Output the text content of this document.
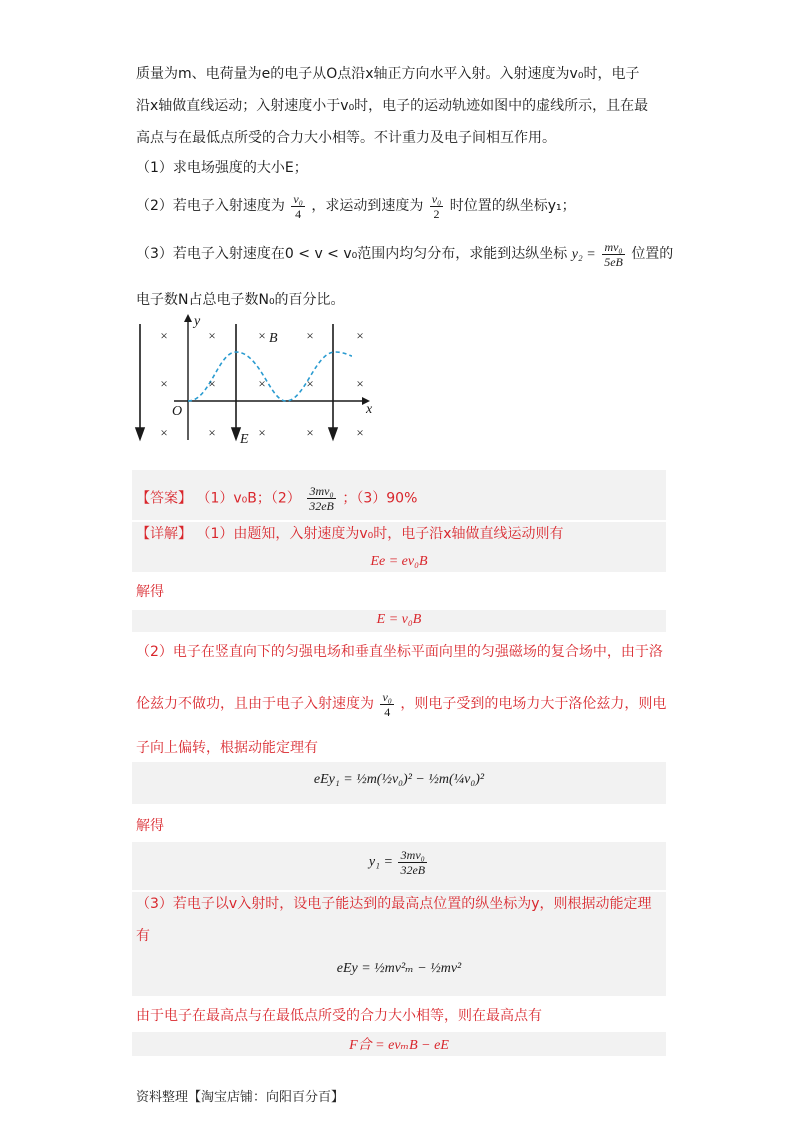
质量为m、电荷量为e的电子从O点沿x轴正方向水平入射。入射速度为v₀时，电子
沿x轴做直线运动；入射速度小于v₀时，电子的运动轨迹如图中的虚线所示，且在最
高点与在最低点所受的合力大小相等。不计重力及电子间相互作用。
（1）求电场强度的大小E；
（2）若电子入射速度为 $\frac{\text{v₀}}{4}$ ，求运动到速度为 $\frac{\text{v₀}}{2}$ 时位置的纵坐标y₁；
（3）若电子入射速度在0 < v < v₀范围内均匀分布，求能到达纵坐标 $y_2 = \frac{\text{mv₀}}{5eB}$ 位置的
电子数N占总电子数N₀的百分比。
×	×	×	×	×
×	×	×	×	×
×	×	×	×	×
y
x
O
B
E
【答案】 （1）v₀B；$(2) \frac{\text{3mv₀}}{32eB}$ ；（3）90%
【详解】 （1）由题知，入射速度为v₀时，电子沿x轴做直线运动则有
Ee = ev₀B
解得
E = v₀B
（2）电子在竖直向下的匀强电场和垂直坐标平面向里的匀强磁场的复合场中，由于洛
伦兹力不做功，且由于电子入射速度为 $\frac{\text{v₀}}{4}$ ，则电子受到的电场力大于洛伦兹力，则电
子向上偏转，根据动能定理有
eEy₁ = ½m(½v₀)² − ½m(¼v₀)²
解得
$y_1 = \frac{\text{3mv₀}}{32eB}$
（3）若电子以v入射时，设电子能达到的最高点位置的纵坐标为y，则根据动能定理
有
eEy = ½mv²ₘ − ½mv²
由于电子在最高点与在最低点所受的合力大小相等，则在最高点有
F合 = evₘB − eE
资料整理【淘宝店铺：向阳百分百】
